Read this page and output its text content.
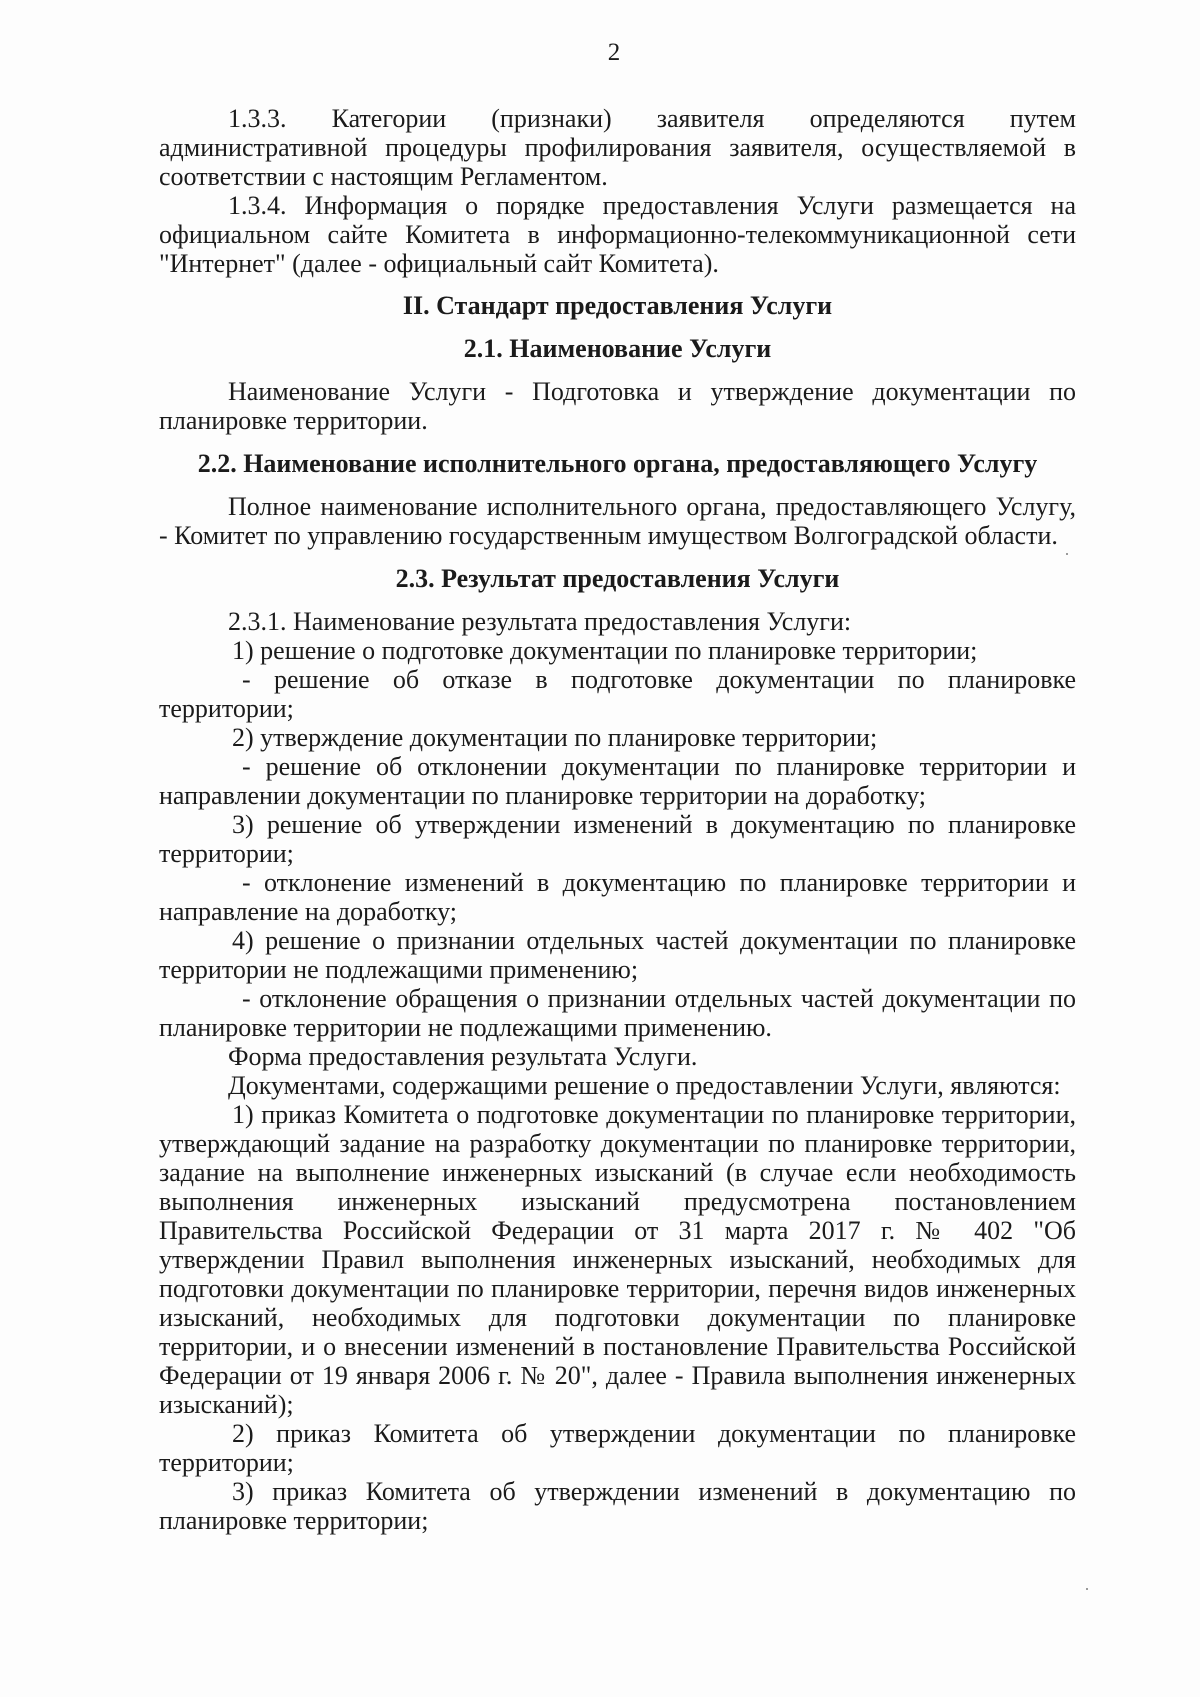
2

1.3.3. Категории (признаки) заявителя определяются путем административной процедуры профилирования заявителя, осуществляемой в соответствии с настоящим Регламентом.

1.3.4. Информация о порядке предоставления Услуги размещается на официальном сайте Комитета в информационно-телекоммуникационной сети "Интернет" (далее - официальный сайт Комитета).

II. Стандарт предоставления Услуги

2.1. Наименование Услуги

Наименование Услуги - Подготовка и утверждение документации по планировке территории.

2.2. Наименование исполнительного органа, предоставляющего Услугу

Полное наименование исполнительного органа, предоставляющего Услугу, - Комитет по управлению государственным имуществом Волгоградской области.

2.3. Результат предоставления Услуги

2.3.1. Наименование результата предоставления Услуги:

1) решение о подготовке документации по планировке территории;

- решение об отказе в подготовке документации по планировке территории;

2) утверждение документации по планировке территории;

- решение об отклонении документации по планировке территории и направлении документации по планировке территории на доработку;

3) решение об утверждении изменений в документацию по планировке территории;

- отклонение изменений в документацию по планировке территории и направление на доработку;

4) решение о признании отдельных частей документации по планировке территории не подлежащими применению;

- отклонение обращения о признании отдельных частей документации по планировке территории не подлежащими применению.

Форма предоставления результата Услуги.

Документами, содержащими решение о предоставлении Услуги, являются:

1) приказ Комитета о подготовке документации по планировке территории, утверждающий задание на разработку документации по планировке территории, задание на выполнение инженерных изысканий (в случае если необходимость выполнения инженерных изысканий предусмотрена постановлением Правительства Российской Федерации от 31 марта 2017 г. № 402 "Об утверждении Правил выполнения инженерных изысканий, необходимых для подготовки документации по планировке территории, перечня видов инженерных изысканий, необходимых для подготовки документации по планировке территории, и о внесении изменений в постановление Правительства Российской Федерации от 19 января 2006 г. № 20", далее - Правила выполнения инженерных изысканий);

2) приказ Комитета об утверждении документации по планировке территории;

3) приказ Комитета об утверждении изменений в документацию по планировке территории;
